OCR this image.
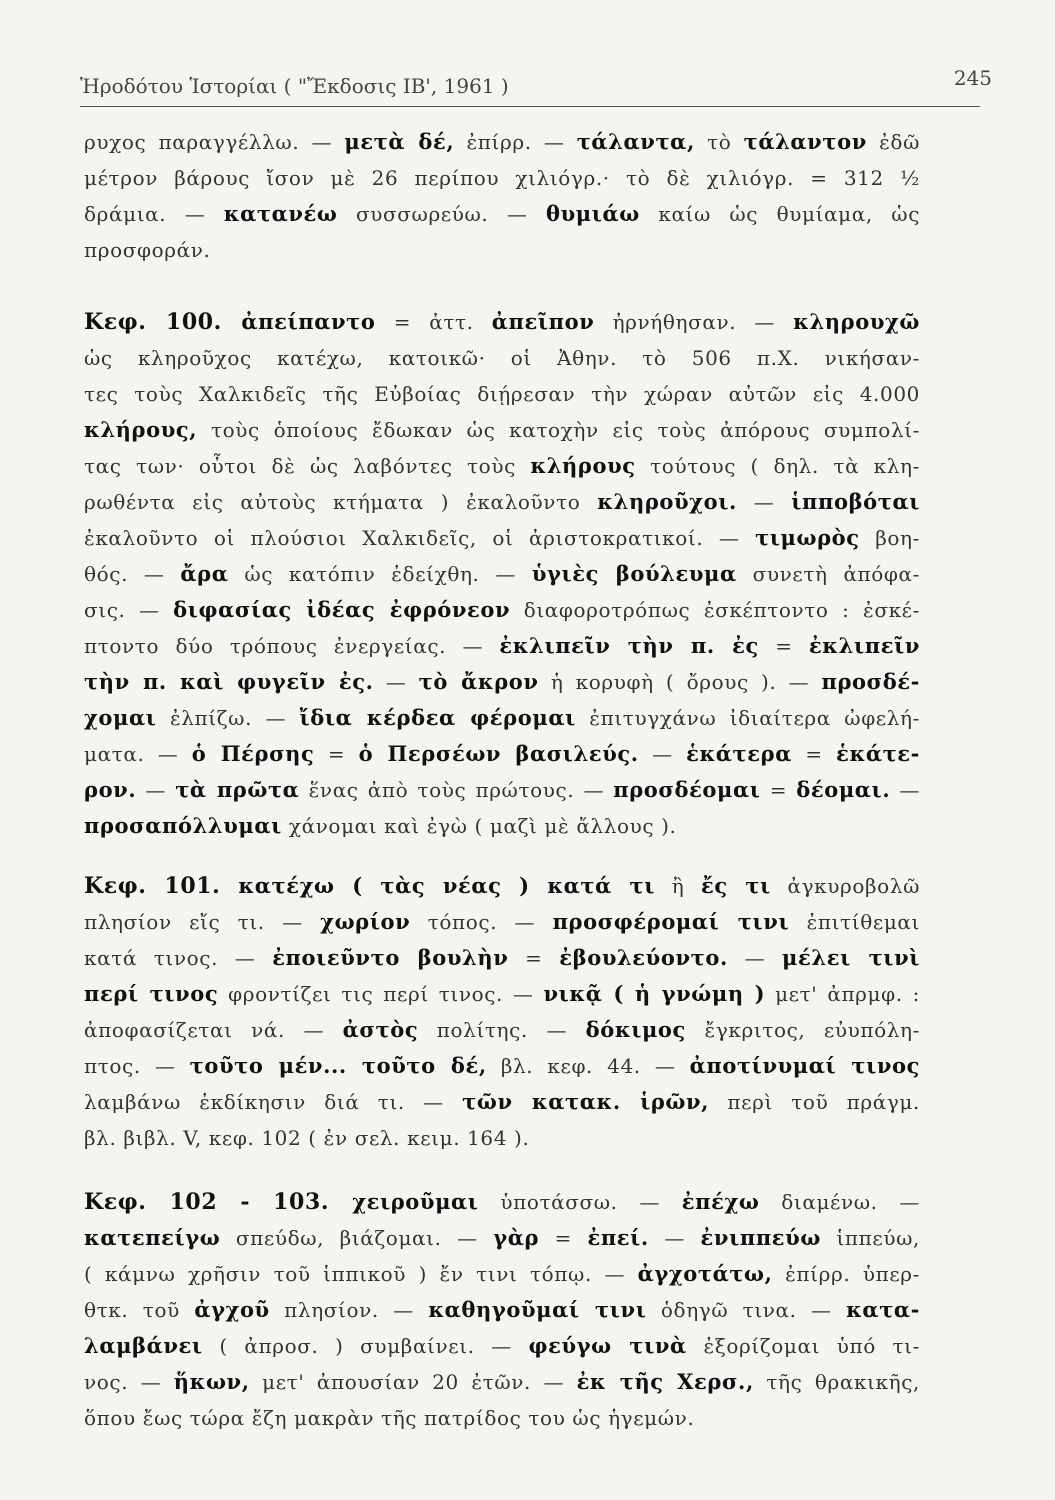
Ἡροδότου Ἱστορίαι ( "Ἔκδοσις ΙΒ', 1961 )	245
ρυχος παραγγέλλω. — μετὰ δέ, ἐπίρρ. — τάλαντα, τὸ τάλαντον ἐδῶ
μέτρον βάρους ἴσον μὲ 26 περίπου χιλιόγρ.· τὸ δὲ χιλιόγρ. = 312 ½
δράμια. — κατανέω συσσωρεύω. — θυμιάω καίω ὡς θυμίαμα, ὡς
προσφοράν.
Κεφ. 100. ἀπείπαντο = ἀττ. ἀπεῖπον ἠρνήθησαν. — κληρουχῶ
ὡς κληροῦχος κατέχω, κατοικῶ· οἱ Ἀθην. τὸ 506 π.Χ. νικήσαν-
τες τοὺς Χαλκιδεῖς τῆς Εὐβοίας διῄρεσαν τὴν χώραν αὐτῶν εἰς 4.000
κλήρους, τοὺς ὁποίους ἔδωκαν ὡς κατοχὴν εἰς τοὺς ἀπόρους συμπολί-
τας των· οὗτοι δὲ ὡς λαβόντες τοὺς κλήρους τούτους ( δηλ. τὰ κλη-
ρωθέντα εἰς αὐτοὺς κτήματα ) ἐκαλοῦντο κληροῦχοι. — ἱπποβόται
ἐκαλοῦντο οἱ πλούσιοι Χαλκιδεῖς, οἱ ἀριστοκρατικοί. — τιμωρὸς βοη-
θός. — ἄρα ὡς κατόπιν ἐδείχθη. — ὑγιὲς βούλευμα συνετὴ ἀπόφα-
σις. — διφασίας ἰδέας ἐφρόνεον διαφοροτρόπως ἐσκέπτοντο : ἐσκέ-
πτοντο δύο τρόπους ἐνεργείας. — ἐκλιπεῖν τὴν π. ἐς = ἐκλιπεῖν
τὴν π. καὶ φυγεῖν ἐς. — τὸ ἄκρον ἡ κορυφὴ ( ὄρους ). — προσδέ-
χομαι ἐλπίζω. — ἴδια κέρδεα φέρομαι ἐπιτυγχάνω ἰδιαίτερα ὠφελή-
ματα. — ὁ Πέρσης = ὁ Περσέων βασιλεύς. — ἑκάτερα = ἑκάτε-
ρον. — τὰ πρῶτα ἕνας ἀπὸ τοὺς πρώτους. — προσδέομαι = δέομαι. —
προσαπόλλυμαι χάνομαι καὶ ἐγὼ ( μαζὶ μὲ ἄλλους ).
Κεφ. 101. κατέχω ( τὰς νέας ) κατά τι ἢ ἔς τι ἀγκυροβολῶ
πλησίον εἴς τι. — χωρίον τόπος. — προσφέρομαί τινι ἐπιτίθεμαι
κατά τινος. — ἐποιεῦντο βουλὴν = ἐβουλεύοντο. — μέλει τινὶ
περί τινος φροντίζει τις περί τινος. — νικᾷ ( ἡ γνώμη ) μετ' ἀπρμφ. :
ἀποφασίζεται νά. — ἀστὸς πολίτης. — δόκιμος ἔγκριτος, εὐυπόλη-
πτος. — τοῦτο μέν... τοῦτο δέ, βλ. κεφ. 44. — ἀποτίνυμαί τινος
λαμβάνω ἐκδίκησιν διά τι. — τῶν κατακ. ἱρῶν, περὶ τοῦ πράγμ.
βλ. βιβλ. V, κεφ. 102 ( ἐν σελ. κειμ. 164 ).
Κεφ. 102 - 103. χειροῦμαι ὑποτάσσω. — ἐπέχω διαμένω. —
κατεπείγω σπεύδω, βιάζομαι. — γὰρ = ἐπεί. — ἐνιππεύω ἱππεύω,
( κάμνω χρῆσιν τοῦ ἱππικοῦ ) ἔν τινι τόπῳ. — ἀγχοτάτω, ἐπίρρ. ὑπερ-
θτκ. τοῦ ἀγχοῦ πλησίον. — καθηγοῦμαί τινι ὁδηγῶ τινα. — κατα-
λαμβάνει ( ἀπροσ. ) συμβαίνει. — φεύγω τινὰ ἐξορίζομαι ὑπό τι-
νος. — ἥκων, μετ' ἀπουσίαν 20 ἐτῶν. — ἐκ τῆς Χερσ., τῆς θρακικῆς,
ὅπου ἔως τώρα ἔζη μακρὰν τῆς πατρίδος του ὡς ἡγεμών.
